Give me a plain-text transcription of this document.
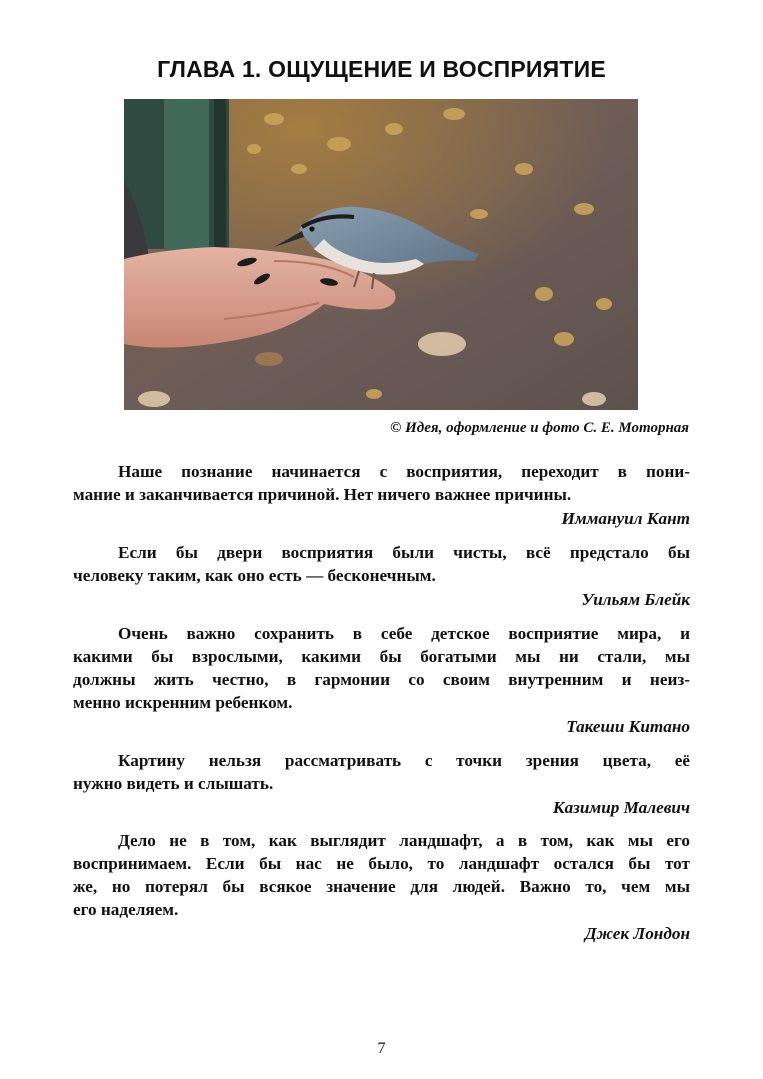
ГЛАВА 1. ОЩУЩЕНИЕ И ВОСПРИЯТИЕ
© Идея, оформление и фото С. Е. Моторная

Наше познание начинается с восприятия, переходит в пони-
мание и заканчивается причиной. Нет ничего важнее причины.

Иммануил Кант

Если бы двери восприятия были чисты, всё предстало бы
человеку таким, как оно есть — бесконечным.

Уильям Блейк

Очень важно сохранить в себе детское восприятие мира, и
какими бы взрослыми, какими бы богатыми мы ни стали, мы
должны жить честно, в гармонии со своим внутренним и неиз-
менно искренним ребенком.

Такеши Китано

Картину нельзя рассматривать с точки зрения цвета, её
нужно видеть и слышать.

Казимир Малевич

Дело не в том, как выглядит ландшафт, а в том, как мы его
воспринимаем. Если бы нас не было, то ландшафт остался бы тот
же, но потерял бы всякое значение для людей. Важно то, чем мы
его наделяем.

Джек Лондон
7
